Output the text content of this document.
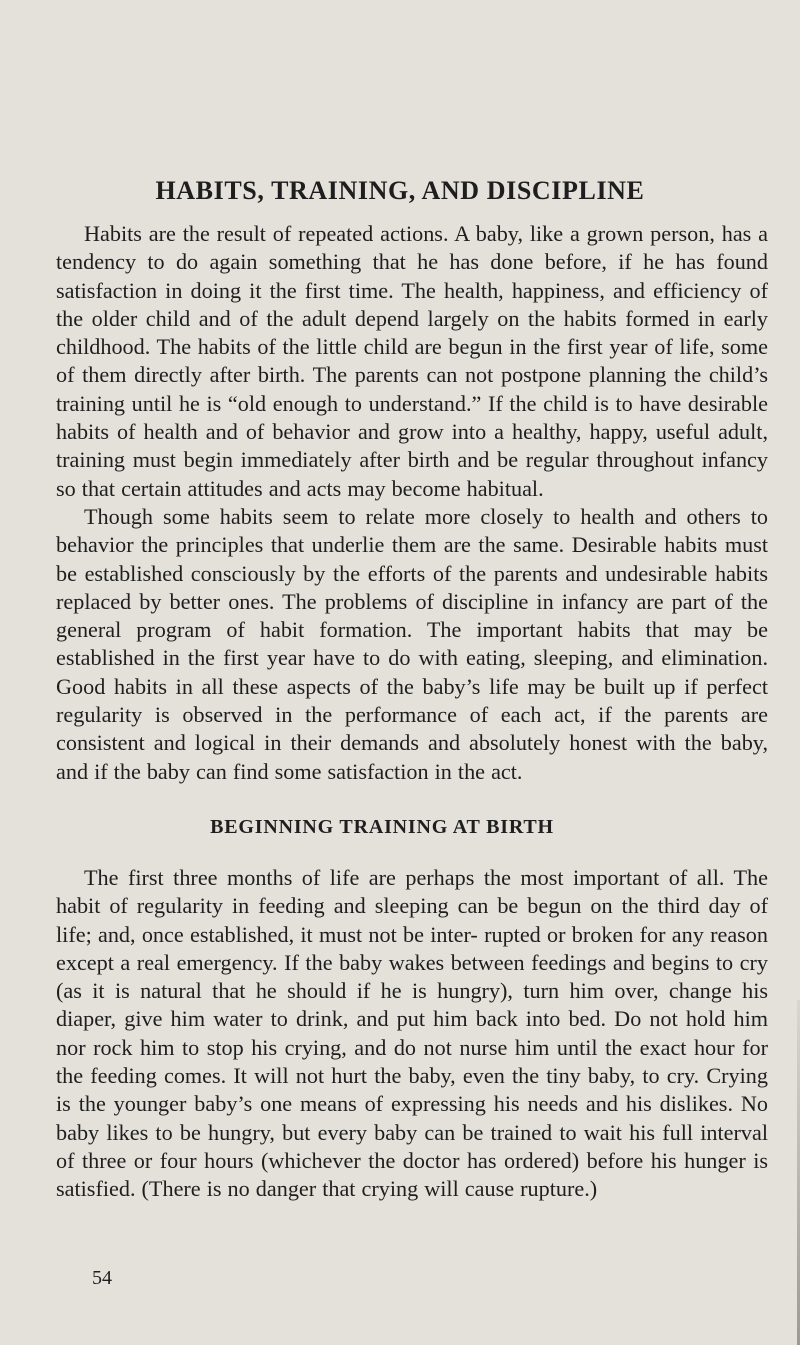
HABITS, TRAINING, AND DISCIPLINE

Habits are the result of repeated actions. A baby, like a grown person, has a tendency to do again something that he has done before, if he has found satisfaction in doing it the first time. The health, happiness, and efficiency of the older child and of the adult depend largely on the habits formed in early childhood. The habits of the little child are begun in the first year of life, some of them directly after birth. The parents can not postpone planning the child’s training until he is “old enough to understand.” If the child is to have desirable habits of health and of behavior and grow into a healthy, happy, useful adult, training must begin immediately after birth and be regular throughout infancy so that certain attitudes and acts may become habitual.

Though some habits seem to relate more closely to health and others to behavior the principles that underlie them are the same. Desirable habits must be established consciously by the efforts of the parents and undesirable habits replaced by better ones. The problems of discipline in infancy are part of the general program of habit formation. The important habits that may be established in the first year have to do with eating, sleeping, and elimination. Good habits in all these aspects of the baby’s life may be built up if perfect regularity is observed in the performance of each act, if the parents are consistent and logical in their demands and absolutely honest with the baby, and if the baby can find some satisfaction in the act.

BEGINNING TRAINING AT BIRTH

The first three months of life are perhaps the most important of all. The habit of regularity in feeding and sleeping can be begun on the third day of life; and, once established, it must not be inter- rupted or broken for any reason except a real emergency. If the baby wakes between feedings and begins to cry (as it is natural that he should if he is hungry), turn him over, change his diaper, give him water to drink, and put him back into bed. Do not hold him nor rock him to stop his crying, and do not nurse him until the exact hour for the feeding comes. It will not hurt the baby, even the tiny baby, to cry. Crying is the younger baby’s one means of expressing his needs and his dislikes. No baby likes to be hungry, but every baby can be trained to wait his full interval of three or four hours (whichever the doctor has ordered) before his hunger is satisfied. (There is no danger that crying will cause rupture.)

54
